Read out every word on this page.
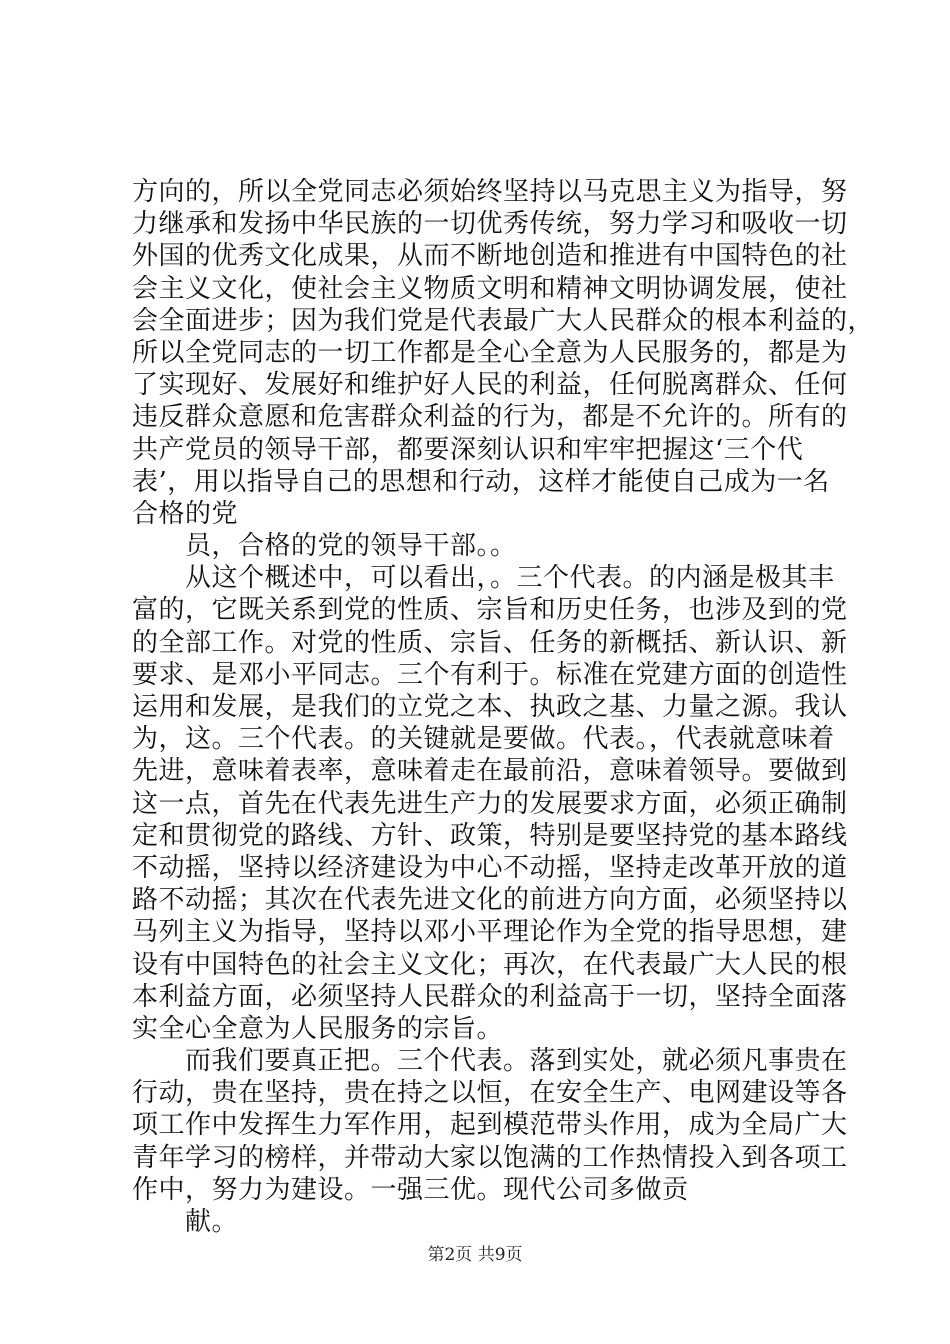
方向的，所以全党同志必须始终坚持以马克思主义为指导，努
力继承和发扬中华民族的一切优秀传统，努力学习和吸收一切
外国的优秀文化成果，从而不断地创造和推进有中国特色的社
会主义文化，使社会主义物质文明和精神文明协调发展，使社
会全面进步；因为我们党是代表最广大人民群众的根本利益的，
所以全党同志的一切工作都是全心全意为人民服务的，都是为
了实现好、发展好和维护好人民的利益，任何脱离群众、任何
违反群众意愿和危害群众利益的行为，都是不允许的。所有的
共产党员的领导干部，都要深刻认识和牢牢把握这‘三个代
表’，用以指导自己的思想和行动，这样才能使自己成为一名
合格的党
　　员，合格的党的领导干部。。
　　从这个概述中，可以看出，。三个代表。的内涵是极其丰
富的，它既关系到党的性质、宗旨和历史任务，也涉及到的党
的全部工作。对党的性质、宗旨、任务的新概括、新认识、新
要求、是邓小平同志。三个有利于。标准在党建方面的创造性
运用和发展，是我们的立党之本、执政之基、力量之源。我认
为，这。三个代表。的关键就是要做。代表。，代表就意味着
先进，意味着表率，意味着走在最前沿，意味着领导。要做到
这一点，首先在代表先进生产力的发展要求方面，必须正确制
定和贯彻党的路线、方针、政策，特别是要坚持党的基本路线
不动摇，坚持以经济建设为中心不动摇，坚持走改革开放的道
路不动摇；其次在代表先进文化的前进方向方面，必须坚持以
马列主义为指导，坚持以邓小平理论作为全党的指导思想，建
设有中国特色的社会主义文化；再次，在代表最广大人民的根
本利益方面，必须坚持人民群众的利益高于一切，坚持全面落
实全心全意为人民服务的宗旨。
　　而我们要真正把。三个代表。落到实处，就必须凡事贵在
行动，贵在坚持，贵在持之以恒，在安全生产、电网建设等各
项工作中发挥生力军作用，起到模范带头作用，成为全局广大
青年学习的榜样，并带动大家以饱满的工作热情投入到各项工
作中，努力为建设。一强三优。现代公司多做贡
　　献。
第2页 共9页
